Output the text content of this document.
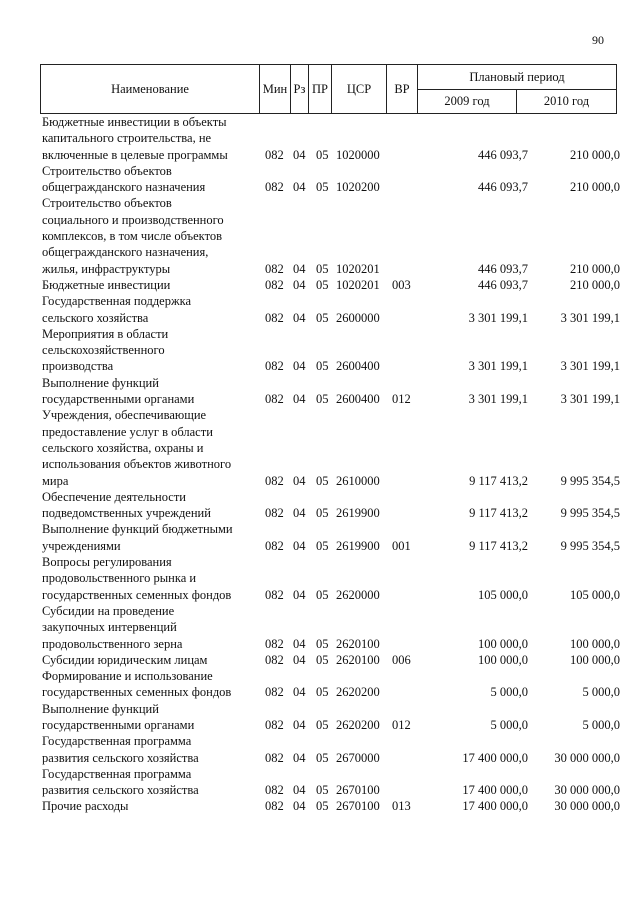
90
Наименование	Мин	Рз	ПР	ЦСР	ВР	Плановый период	
						2009 год	2010 год
Бюджетные инвестиции в объекты
капитального строительства, не
включенные в целевые программы	082 04 05 1020000	446 093,7	210 000,0
Строительство объектов
общегражданского назначения	082 04 05 1020200	446 093,7	210 000,0
Строительство объектов
социального и производственного
комплексов, в том числе объектов
общегражданского назначения,
жилья, инфраструктуры	082 04 05 1020201	446 093,7	210 000,0
Бюджетные инвестиции	082 04 05 1020201 003	446 093,7	210 000,0
Государственная поддержка
сельского хозяйства	082 04 05 2600000	3 301 199,1	3 301 199,1
Мероприятия в области
сельскохозяйственного
производства	082 04 05 2600400	3 301 199,1	3 301 199,1
Выполнение функций
государственными органами	082 04 05 2600400 012	3 301 199,1	3 301 199,1
Учреждения, обеспечивающие
предоставление услуг в области
сельского хозяйства, охраны и
использования объектов животного
мира	082 04 05 2610000	9 117 413,2	9 995 354,5
Обеспечение деятельности
подведомственных учреждений	082 04 05 2619900	9 117 413,2	9 995 354,5
Выполнение функций бюджетными
учреждениями	082 04 05 2619900 001	9 117 413,2	9 995 354,5
Вопросы регулирования
продовольственного рынка и
государственных семенных фондов	082 04 05 2620000	105 000,0	105 000,0
Субсидии на проведение
закупочных интервенций
продовольственного зерна	082 04 05 2620100	100 000,0	100 000,0
Субсидии юридическим лицам	082 04 05 2620100 006	100 000,0	100 000,0
Формирование и использование
государственных семенных фондов	082 04 05 2620200	5 000,0	5 000,0
Выполнение функций
государственными органами	082 04 05 2620200 012	5 000,0	5 000,0
Государственная программа
развития сельского хозяйства	082 04 05 2670000	17 400 000,0	30 000 000,0
Государственная программа
развития сельского хозяйства	082 04 05 2670100	17 400 000,0	30 000 000,0
Прочие расходы	082 04 05 2670100 013	17 400 000,0	30 000 000,0
